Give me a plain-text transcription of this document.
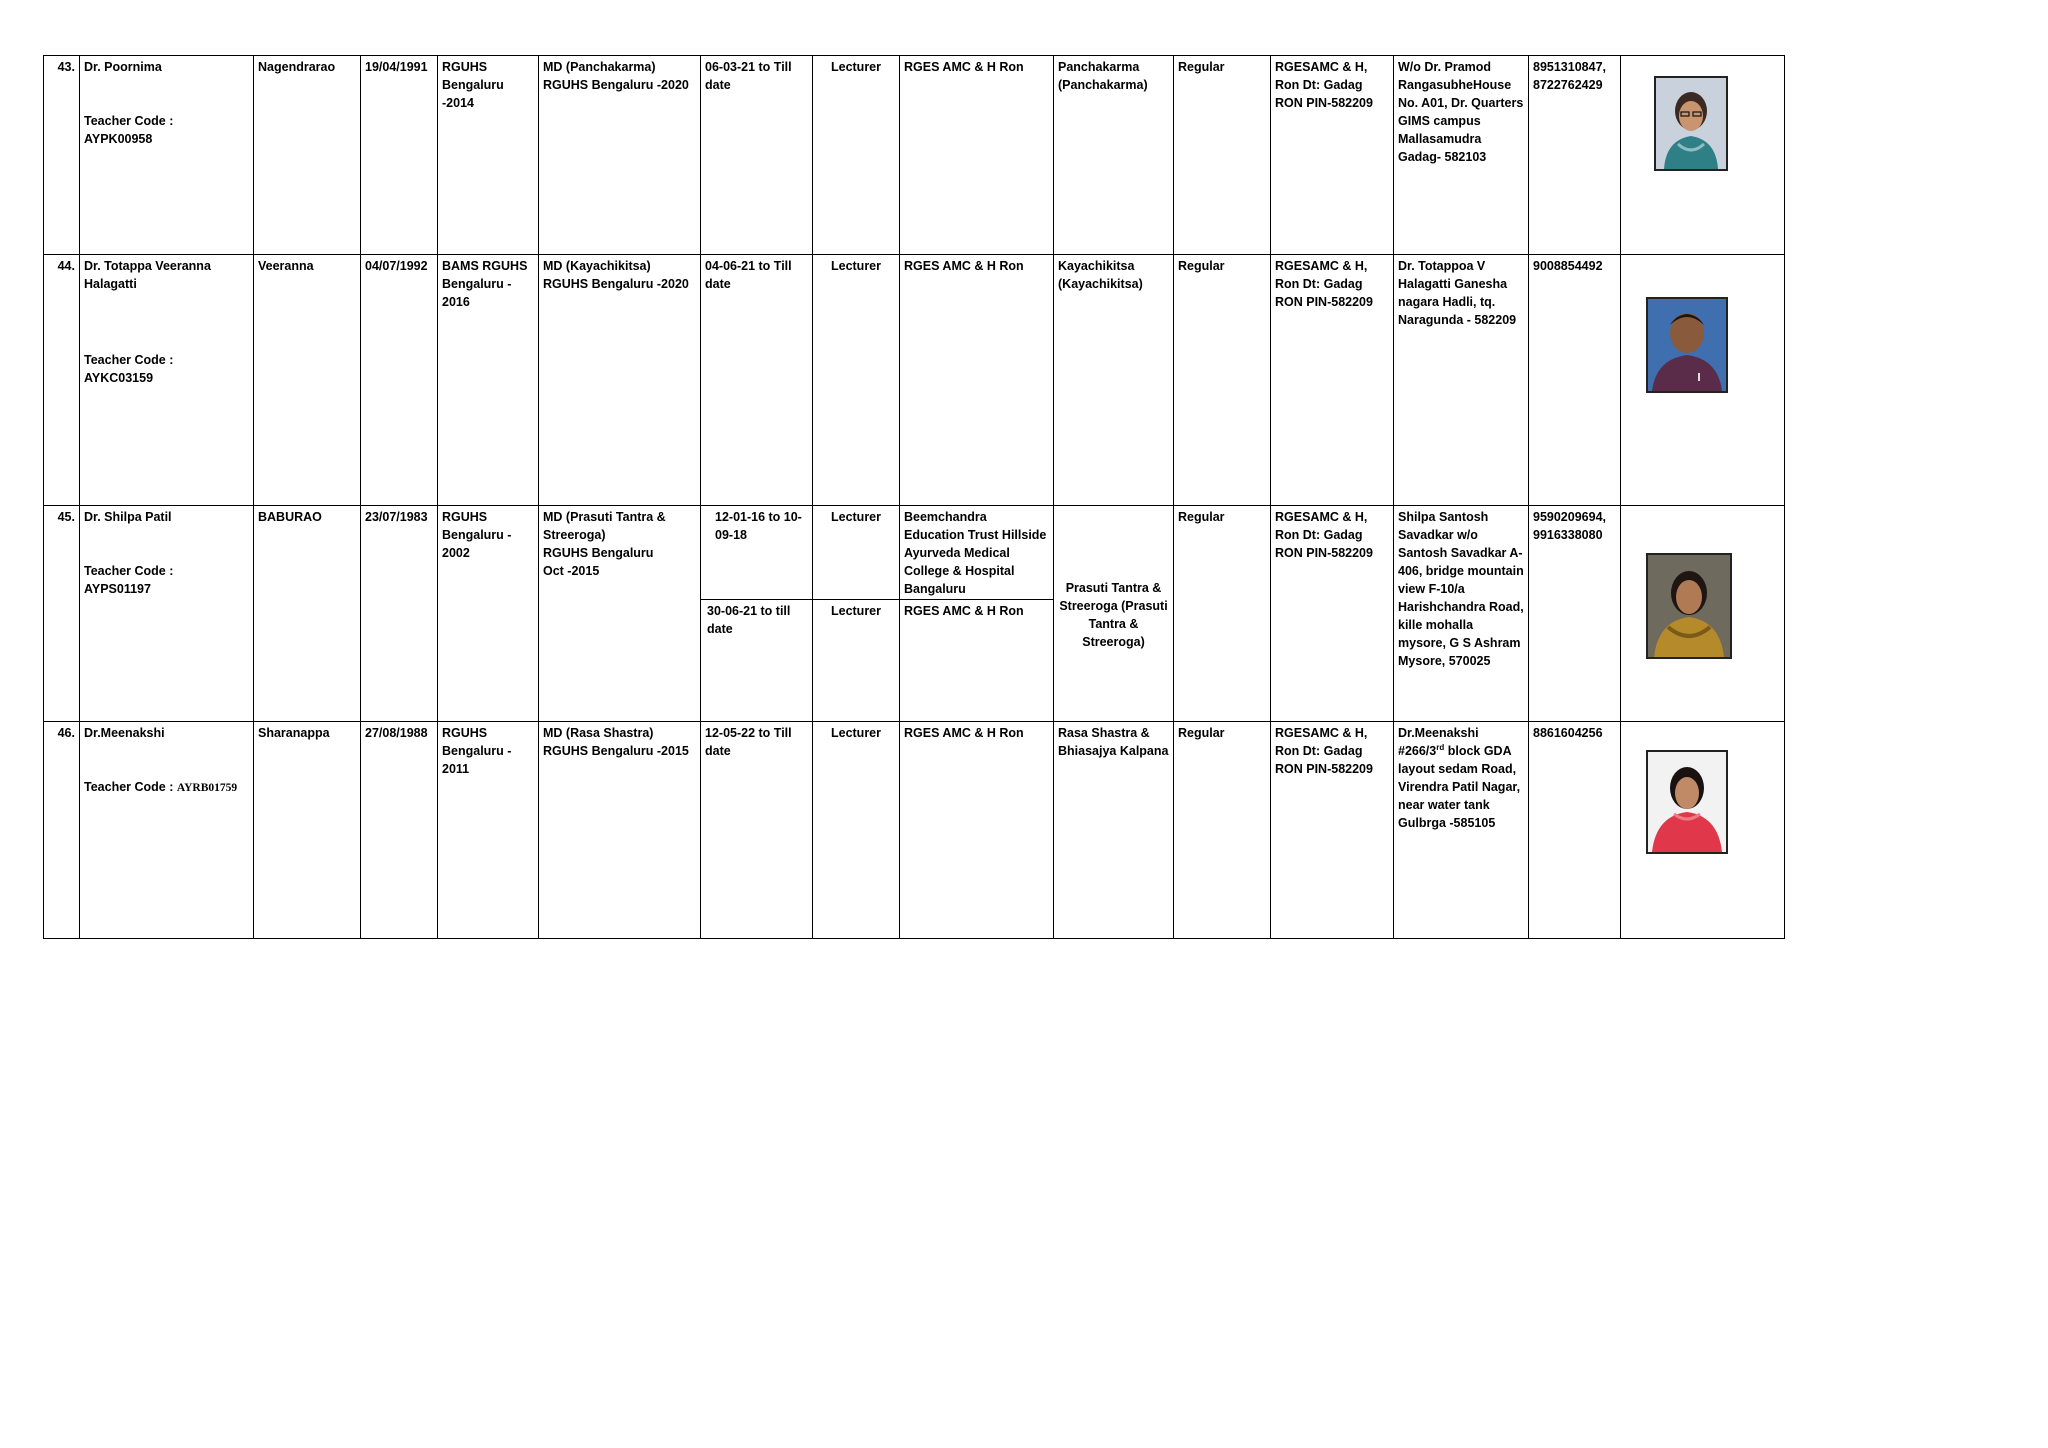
43.	Dr. Poornima
Teacher Code :
AYPK00958	Nagendrarao	19/04/1991	RGUHS Bengaluru -2014	MD (Panchakarma) RGUHS Bengaluru -2020	06-03-21 to Till date	Lecturer	RGES AMC & H Ron	Panchakarma (Panchakarma)	Regular	RGESAMC & H, Ron Dt: Gadag RON PIN-582209	W/o Dr. Pramod RangasubheHouse No. A01, Dr. Quarters GIMS campus Mallasamudra Gadag- 582103	8951310847, 8722762429	

44.	Dr. Totappa Veeranna Halagatti
Teacher Code :
AYKC03159	Veeranna	04/07/1992	BAMS RGUHS Bengaluru - 2016	MD (Kayachikitsa) RGUHS Bengaluru -2020	04-06-21 to Till date	Lecturer	RGES AMC & H Ron	Kayachikitsa (Kayachikitsa)	Regular	RGESAMC & H, Ron Dt: Gadag RON PIN-582209	Dr. Totappoa V Halagatti Ganesha nagara Hadli, tq. Naragunda - 582209	9008854492	

45.	Dr. Shilpa Patil
Teacher Code :
AYPS01197	BABURAO	23/07/1983	RGUHS Bengaluru - 2002	MD (Prasuti Tantra &
Streeroga)
RGUHS Bengaluru
Oct -2015	12-01-16 to 10-09-18	Lecturer	Beemchandra Education Trust Hillside Ayurveda Medical College & Hospital Bangaluru	Prasuti Tantra & Streeroga (Prasuti Tantra & Streeroga)	Regular	RGESAMC & H, Ron Dt: Gadag RON PIN-582209	Shilpa Santosh Savadkar w/o Santosh Savadkar A-406, bridge mountain view F-10/a Harishchandra Road, kille mohalla mysore, G S Ashram Mysore, 570025	9590209694, 9916338080	

						30-06-21 to till date	Lecturer	RGES AMC & H Ron						
46.	Dr.Meenakshi
Teacher Code : AYRB01759	Sharanappa	27/08/1988	RGUHS Bengaluru - 2011	MD (Rasa Shastra) RGUHS Bengaluru -2015	12-05-22 to Till date	Lecturer	RGES AMC & H Ron	Rasa Shastra & Bhiasajya Kalpana	Regular	RGESAMC & H, Ron Dt: Gadag RON PIN-582209	Dr.Meenakshi #266/3rd block GDA layout sedam Road, Virendra Patil Nagar, near water tank Gulbrga -585105	8861604256	
